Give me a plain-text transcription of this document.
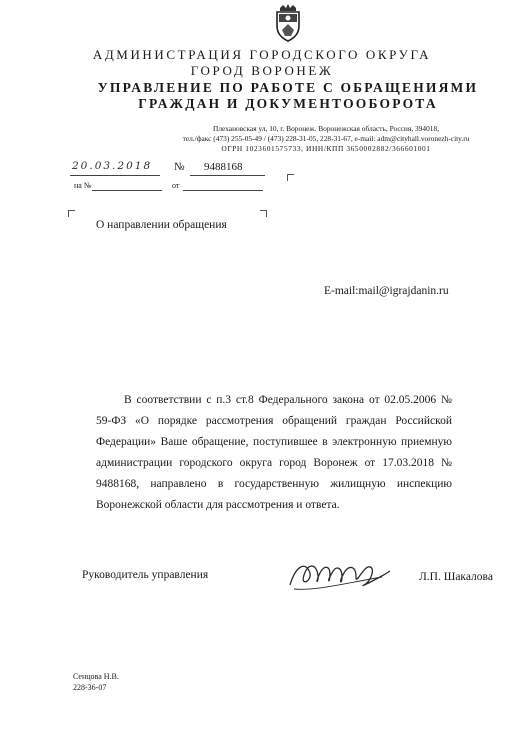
АДМИНИСТРАЦИЯ ГОРОДСКОГО ОКРУГА
ГОРОД ВОРОНЕЖ
УПРАВЛЕНИЕ ПО РАБОТЕ С ОБРАЩЕНИЯМИ
ГРАЖДАН И ДОКУМЕНТООБОРОТА
Плехановская ул, 10, г. Воронеж. Воронежская область, Россия, 394018,
тел./факс (473) 255-05-49 / (473) 228-31-05, 228-31-67, e-mail: adm@cityhall.voronezh-city.ru
ОГРН 1023601575733, ИНН/КПП 3650002882/366601001
20.03.2018 № 9488168
на №	от
О направлении обращения
E-mail:mail@igrajdanin.ru

В соответствии с п.3 ст.8 Федерального закона от 02.05.2006 № 59-ФЗ «О порядке рассмотрения обращений граждан Российской Федерации» Ваше обращение, поступившее в электронную приемную администрации городского округа город Воронеж от 17.03.2018 № 9488168, направлено в государственную жилищную инспекцию Воронежской области для рассмотрения и ответа.

Руководитель управления	Л.П. Шакалова
Сенцова Н.В.
228-36-07
